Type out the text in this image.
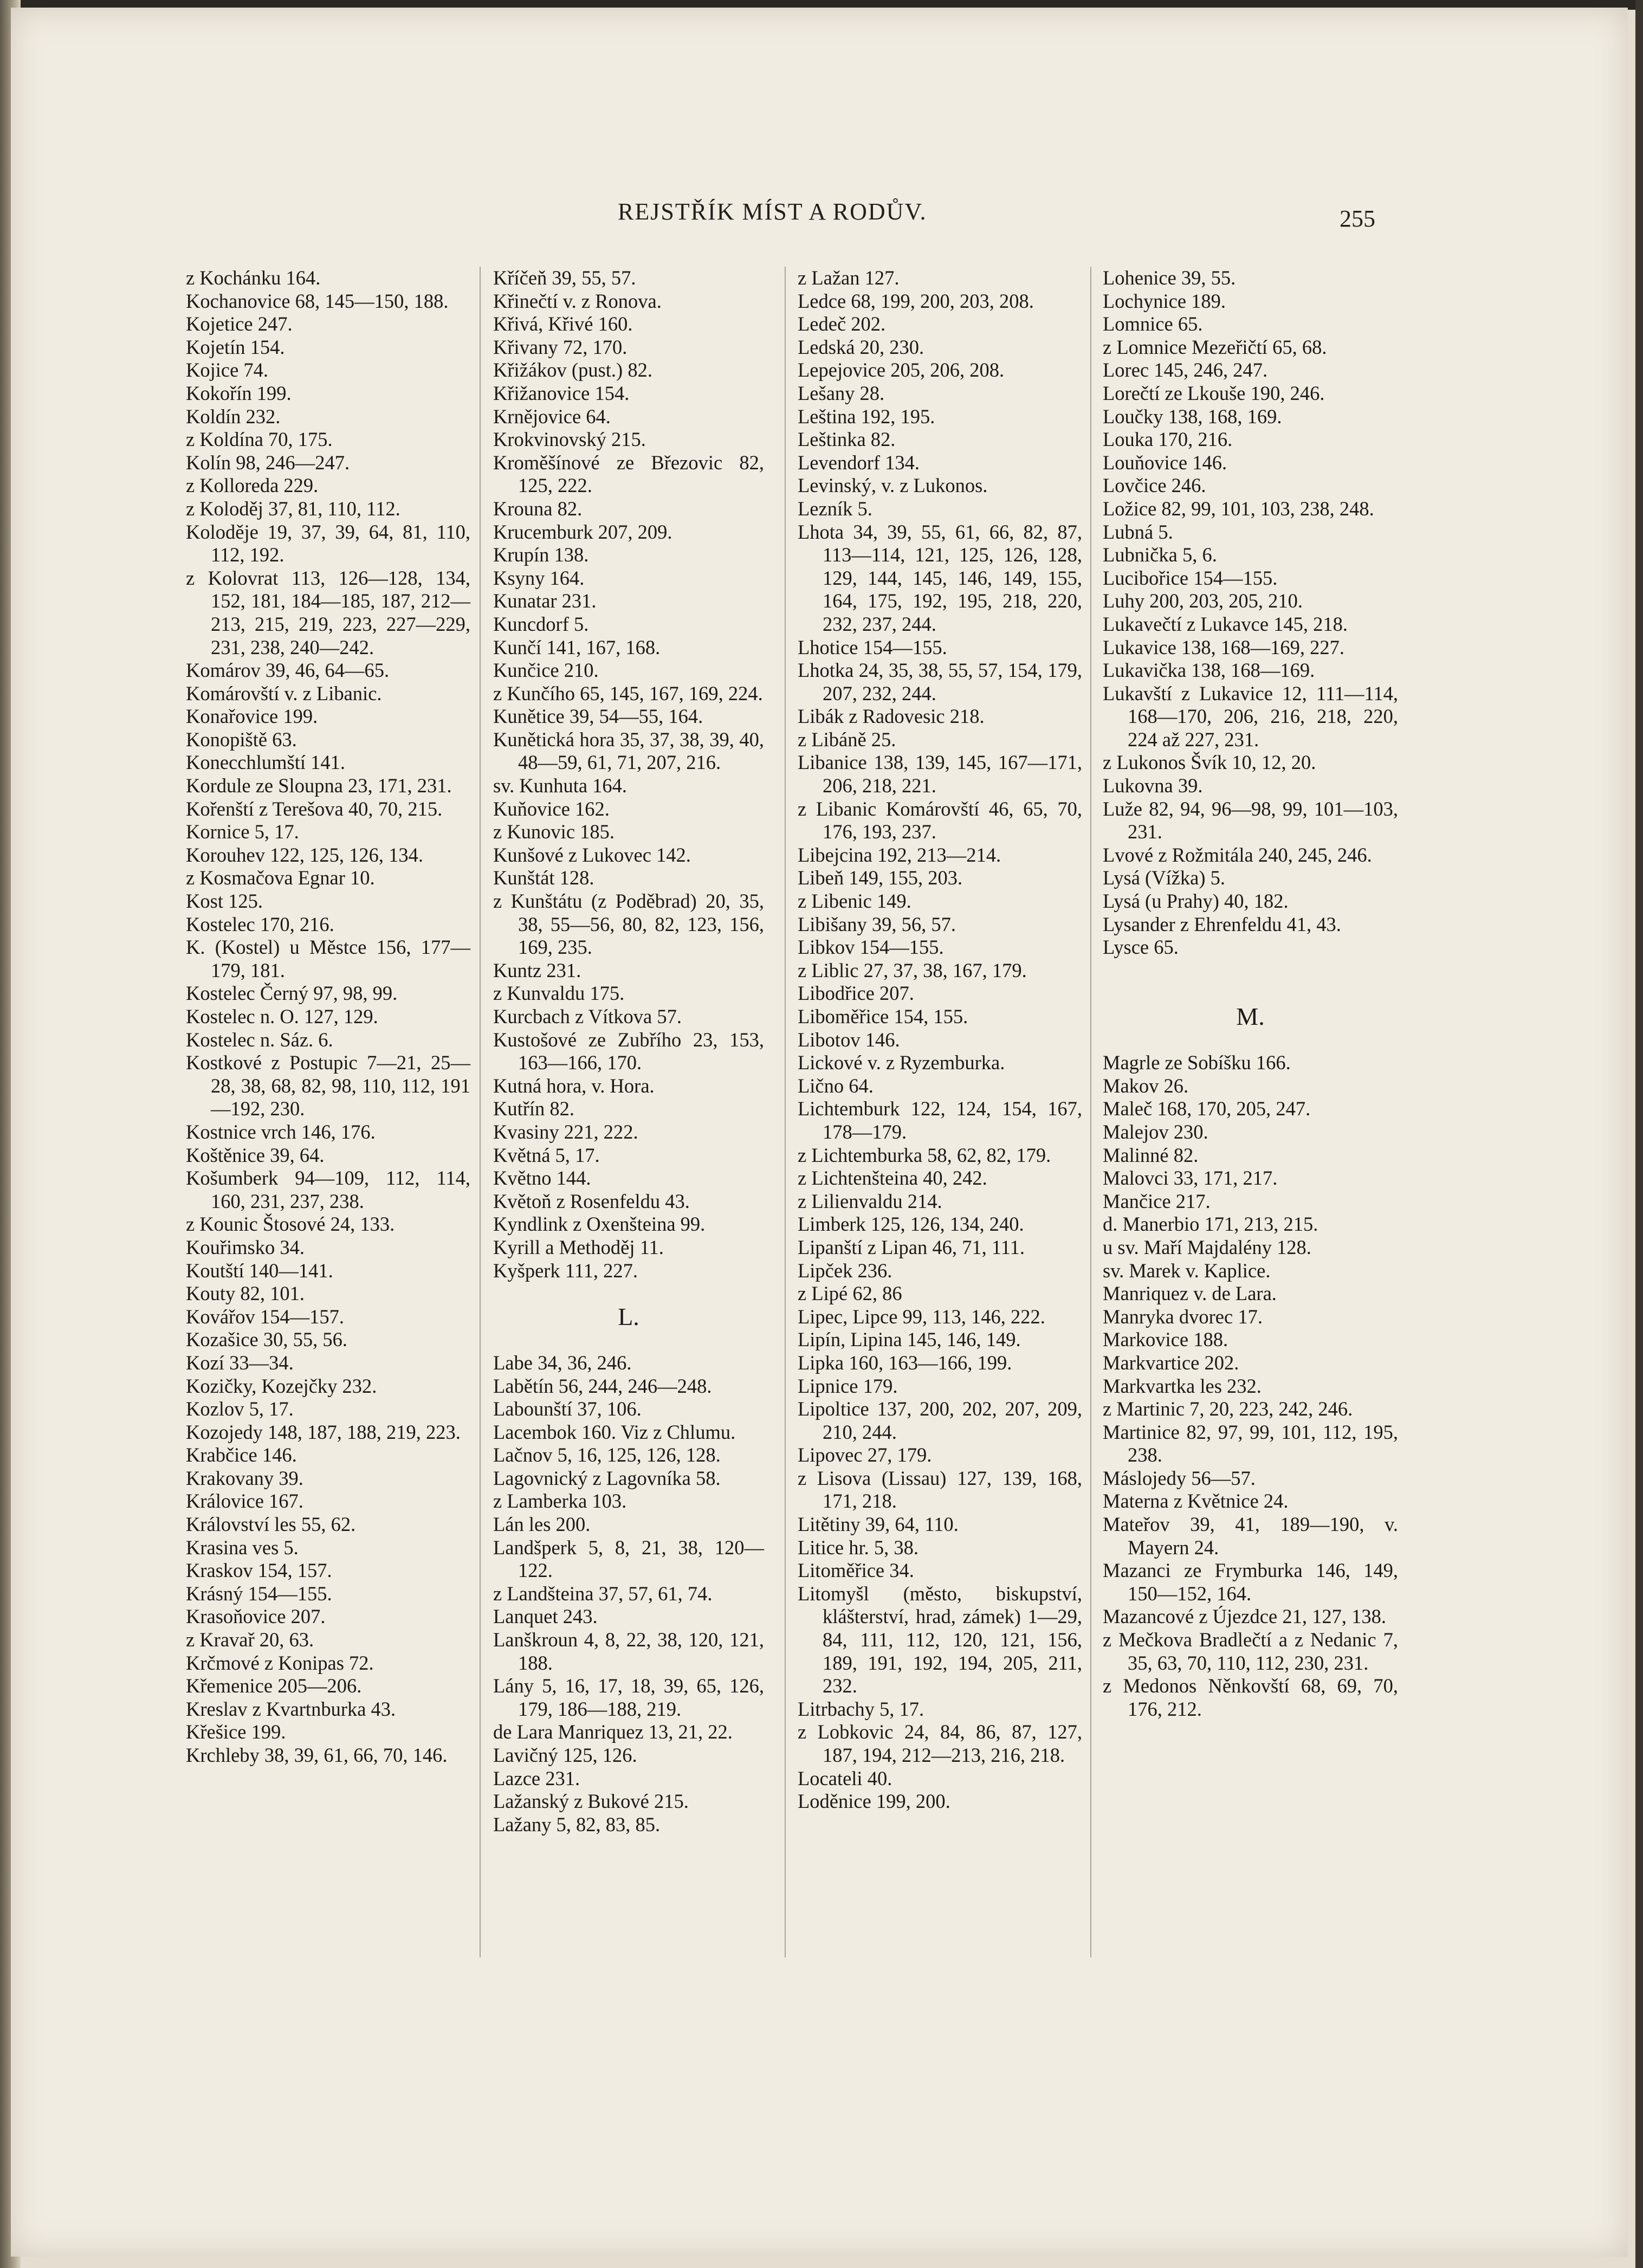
REJSTŘÍK MÍST A RODŮV.	255
z Kochánku 164.
Kochanovice 68, 145—150, 188.
Kojetice 247.
Kojetín 154.
Kojice 74.
Kokořín 199.
Koldín 232.
z Koldína 70, 175.
Kolín 98, 246—247.
z Kolloreda 229.
z Koloděj 37, 81, 110, 112.
Koloděje 19, 37, 39, 64, 81, 110, 112, 192.
z Kolovrat 113, 126—128, 134, 152, 181, 184—185, 187, 212—213, 215, 219, 223, 227—229, 231, 238, 240—242.
Komárov 39, 46, 64—65.
Komárovští v. z Libanic.
Konařovice 199.
Konopiště 63.
Konecchlumští 141.
Kordule ze Sloupna 23, 171, 231.
Kořenští z Terešova 40, 70, 215.
Kornice 5, 17.
Korouhev 122, 125, 126, 134.
z Kosmačova Egnar 10.
Kost 125.
Kostelec 170, 216.
K. (Kostel) u Městce 156, 177—179, 181.
Kostelec Černý 97, 98, 99.
Kostelec n. O. 127, 129.
Kostelec n. Sáz. 6.
Kostkové z Postupic 7—21, 25—28, 38, 68, 82, 98, 110, 112, 191—192, 230.
Kostnice vrch 146, 176.
Koštěnice 39, 64.
Košumberk 94—109, 112, 114, 160, 231, 237, 238.
z Kounic Štosové 24, 133.
Kouřimsko 34.
Koutští 140—141.
Kouty 82, 101.
Kovářov 154—157.
Kozašice 30, 55, 56.
Kozí 33—34.
Kozičky, Kozejčky 232.
Kozlov 5, 17.
Kozojedy 148, 187, 188, 219, 223.
Krabčice 146.
Krakovany 39.
Královice 167.
Království les 55, 62.
Krasina ves 5.
Kraskov 154, 157.
Krásný 154—155.
Krasoňovice 207.
z Kravař 20, 63.
Krčmové z Konipas 72.
Křemenice 205—206.
Kreslav z Kvartnburka 43.
Křešice 199.
Krchleby 38, 39, 61, 66, 70, 146.
Kříčeň 39, 55, 57.
Křinečtí v. z Ronova.
Křivá, Křivé 160.
Křivany 72, 170.
Křižákov (pust.) 82.
Křižanovice 154.
Krnějovice 64.
Krokvinovský 215.
Kroměšínové ze Březovic 82, 125, 222.
Krouna 82.
Krucemburk 207, 209.
Krupín 138.
Ksyny 164.
Kunatar 231.
Kuncdorf 5.
Kunčí 141, 167, 168.
Kunčice 210.
z Kunčího 65, 145, 167, 169, 224.
Kunětice 39, 54—55, 164.
Kunětická hora 35, 37, 38, 39, 40, 48—59, 61, 71, 207, 216.
sv. Kunhuta 164.
Kuňovice 162.
z Kunovic 185.
Kunšové z Lukovec 142.
Kunštát 128.
z Kunštátu (z Poděbrad) 20, 35, 38, 55—56, 80, 82, 123, 156, 169, 235.
Kuntz 231.
z Kunvaldu 175.
Kurcbach z Vítkova 57.
Kustošové ze Zubřího 23, 153, 163—166, 170.
Kutná hora, v. Hora.
Kutřín 82.
Kvasiny 221, 222.
Květná 5, 17.
Květno 144.
Květoň z Rosenfeldu 43.
Kyndlink z Oxenšteina 99.
Kyrill a Methoděj 11.
Kyšperk 111, 227.
L.
Labe 34, 36, 246.
Labětín 56, 244, 246—248.
Labounští 37, 106.
Lacembok 160. Viz z Chlumu.
Lačnov 5, 16, 125, 126, 128.
Lagovnický z Lagovníka 58.
z Lamberka 103.
Lán les 200.
Landšperk 5, 8, 21, 38, 120—122.
z Landšteina 37, 57, 61, 74.
Lanquet 243.
Lanškroun 4, 8, 22, 38, 120, 121, 188.
Lány 5, 16, 17, 18, 39, 65, 126, 179, 186—188, 219.
de Lara Manriquez 13, 21, 22.
Lavičný 125, 126.
Lazce 231.
Lažanský z Bukové 215.
Lažany 5, 82, 83, 85.
z Lažan 127.
Ledce 68, 199, 200, 203, 208.
Ledeč 202.
Ledská 20, 230.
Lepejovice 205, 206, 208.
Lešany 28.
Leština 192, 195.
Leštinka 82.
Levendorf 134.
Levinský, v. z Lukonos.
Lezník 5.
Lhota 34, 39, 55, 61, 66, 82, 87, 113—114, 121, 125, 126, 128, 129, 144, 145, 146, 149, 155, 164, 175, 192, 195, 218, 220, 232, 237, 244.
Lhotice 154—155.
Lhotka 24, 35, 38, 55, 57, 154, 179, 207, 232, 244.
Libák z Radovesic 218.
z Libáně 25.
Libanice 138, 139, 145, 167—171, 206, 218, 221.
z Libanic Komárovští 46, 65, 70, 176, 193, 237.
Libejcina 192, 213—214.
Libeň 149, 155, 203.
z Libenic 149.
Libišany 39, 56, 57.
Libkov 154—155.
z Liblic 27, 37, 38, 167, 179.
Libodřice 207.
Liboměřice 154, 155.
Libotov 146.
Lickové v. z Ryzemburka.
Lično 64.
Lichtemburk 122, 124, 154, 167, 178—179.
z Lichtemburka 58, 62, 82, 179.
z Lichtenšteina 40, 242.
z Lilienvaldu 214.
Limberk 125, 126, 134, 240.
Lipanští z Lipan 46, 71, 111.
Lipček 236.
z Lipé 62, 86
Lipec, Lipce 99, 113, 146, 222.
Lipín, Lipina 145, 146, 149.
Lipka 160, 163—166, 199.
Lipnice 179.
Lipoltice 137, 200, 202, 207, 209, 210, 244.
Lipovec 27, 179.
z Lisova (Lissau) 127, 139, 168, 171, 218.
Litětiny 39, 64, 110.
Litice hr. 5, 38.
Litoměřice 34.
Litomyšl (město, biskupství, klášterství, hrad, zámek) 1—29, 84, 111, 112, 120, 121, 156, 189, 191, 192, 194, 205, 211, 232.
Litrbachy 5, 17.
z Lobkovic 24, 84, 86, 87, 127, 187, 194, 212—213, 216, 218.
Locateli 40.
Loděnice 199, 200.
Lohenice 39, 55.
Lochynice 189.
Lomnice 65.
z Lomnice Mezeřičtí 65, 68.
Lorec 145, 246, 247.
Lorečtí ze Lkouše 190, 246.
Loučky 138, 168, 169.
Louka 170, 216.
Louňovice 146.
Lovčice 246.
Ložice 82, 99, 101, 103, 238, 248.
Lubná 5.
Lubnička 5, 6.
Lucibořice 154—155.
Luhy 200, 203, 205, 210.
Lukavečtí z Lukavce 145, 218.
Lukavice 138, 168—169, 227.
Lukavička 138, 168—169.
Lukavští z Lukavice 12, 111—114, 168—170, 206, 216, 218, 220, 224 až 227, 231.
z Lukonos Švík 10, 12, 20.
Lukovna 39.
Luže 82, 94, 96—98, 99, 101—103, 231.
Lvové z Rožmitála 240, 245, 246.
Lysá (Vížka) 5.
Lysá (u Prahy) 40, 182.
Lysander z Ehrenfeldu 41, 43.
Lysce 65.
M.
Magrle ze Sobíšku 166.
Makov 26.
Maleč 168, 170, 205, 247.
Malejov 230.
Malinné 82.
Malovci 33, 171, 217.
Mančice 217.
d. Manerbio 171, 213, 215.
u sv. Maří Majdalény 128.
sv. Marek v. Kaplice.
Manriquez v. de Lara.
Manryka dvorec 17.
Markovice 188.
Markvartice 202.
Markvartka les 232.
z Martinic 7, 20, 223, 242, 246.
Martinice 82, 97, 99, 101, 112, 195, 238.
Máslojedy 56—57.
Materna z Květnice 24.
Mateřov 39, 41, 189—190, v. Mayern 24.
Mazanci ze Frymburka 146, 149, 150—152, 164.
Mazancové z Újezdce 21, 127, 138.
z Mečkova Bradlečtí a z Nedanic 7, 35, 63, 70, 110, 112, 230, 231.
z Medonos Něnkovští 68, 69, 70, 176, 212.
